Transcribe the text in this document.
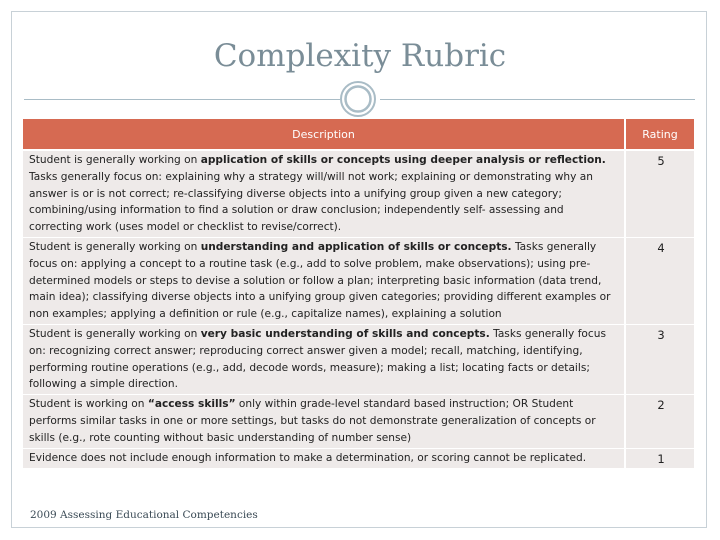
Complexity Rubric
Description	Rating
Student is generally working on application of skills or concepts using deeper analysis or reflection. Tasks generally focus on: explaining why a strategy will/will not work; explaining or demonstrating why an answer is or is not correct; re-classifying diverse objects into a unifying group given a new category; combining/using information to find a solution or draw conclusion; independently self- assessing and correcting work (uses model or checklist to revise/correct).	5
Student is generally working on understanding and application of skills or concepts. Tasks generally focus on: applying a concept to a routine task (e.g., add to solve problem, make observations); using pre-determined models or steps to devise a solution or follow a plan; interpreting basic information (data trend, main idea); classifying diverse objects into a unifying group given categories; providing different examples or non examples; applying a definition or rule (e.g., capitalize names), explaining a solution	4
Student is generally working on very basic understanding of skills and concepts. Tasks generally focus on: recognizing correct answer; reproducing correct answer given a model; recall, matching, identifying, performing routine operations (e.g., add, decode words, measure); making a list; locating facts or details; following a simple direction.	3
Student is working on “access skills” only within grade-level standard based instruction; OR Student performs similar tasks in one or more settings, but tasks do not demonstrate generalization of concepts or skills (e.g., rote counting without basic understanding of number sense)	2
Evidence does not include enough information to make a determination, or scoring cannot be replicated.	1
2009 Assessing Educational Competencies
